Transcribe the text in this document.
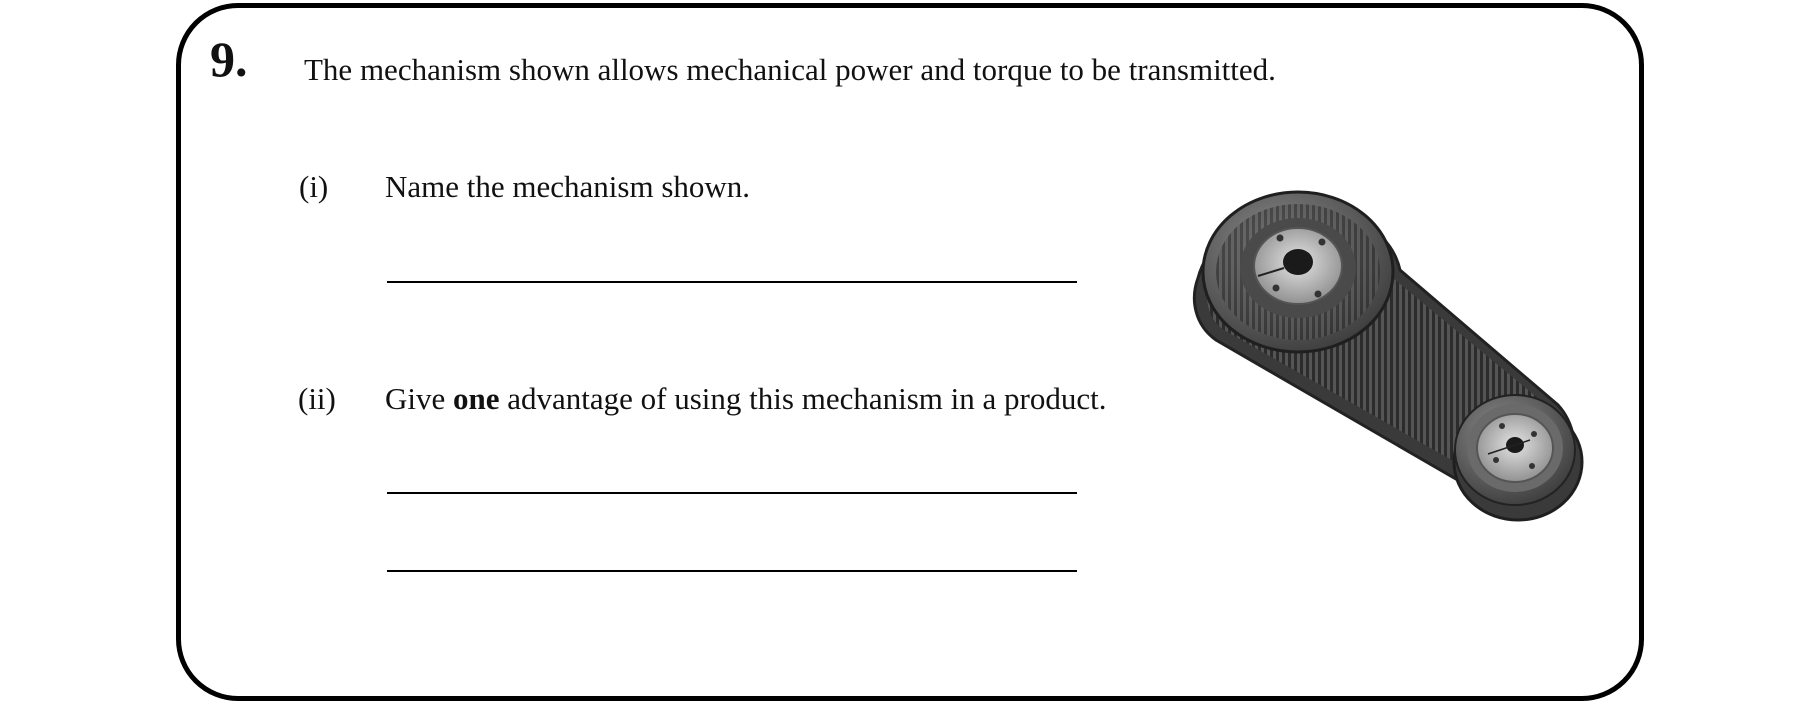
9. The mechanism shown allows mechanical power and torque to be transmitted.
(i) Name the mechanism shown.
(ii) Give one advantage of using this mechanism in a product.
